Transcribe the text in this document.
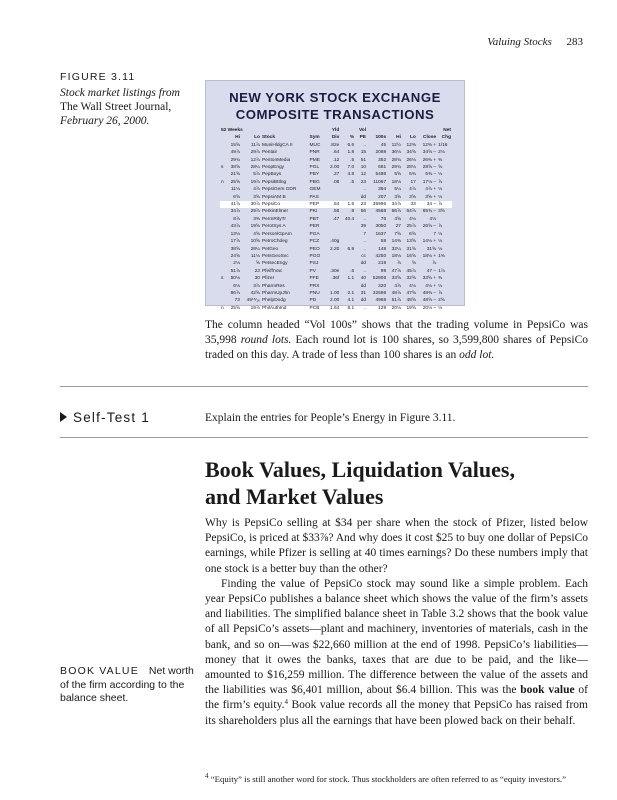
Valuing Stocks 283
FIGURE 3.11
Stock market listings from
The Wall Street Journal,
February 26, 2000.
NEW YORK STOCK EXCHANGE
COMPOSITE TRANSACTIONS
52 Weeks					Yld		Vol				Net	
	Hi	Lo	Stock	Sym	Div	%	PE	100s	Hi	Lo	Close	Chg
	15⅝	11⅞	MuniHldgCA II	MUC	.82e	6.6	..	45	12½	12⅜	12⅜ +	1/16
	49⅞	29⅞	Pentair	PNR	.64	1.8	15	2088	36⅛	34⅝	34⅝ –	2⅛
	29¾	12⅞	PentonMedia	PME	.12	.5	51	352	28¾	26⅛	26⅜ +	⅜
s	38⅝	28¼	PeopEngy	PGL	2.00	7.0	10	681	29¾	28⅛	28⅝ –	⅝
	21⅝	5⅞	PepBoys	PBY	.27	4.8	12	5488	5⅝	5⅜	5⅜ –	⅛
n	25⅝	19⅞	PepsiBttlng	PBG	.08	.5	23	11067	18⅛	17	17⅛ –	⅞
	11⅛	4⅞	PepsiGem GDR	GEM			..	394	5¼	4⅞	4⅞ +	⅛
	6⅝	3⅝	PepsiAM B	PAS			dd	207	3⅝	3⅝	3⅝ +	⅛
	41⅞	30⅞	PepsiCo	PEP	.54	1.6	23	35996	34⅞	33	34 –	⅞
	34⅞	29⅞	PerkinElmer	PKI	.56	.9	56	4568	66⅞	64⅞	65¾ –	3⅝
	8⅞	3⅜	PermRityTr	PBT	.47	40.4	..	76	4⅝	4⅛	4⅛	
	43⅞	19⅝	PerotSys A	PER			39	3050	27	25⅞	26⅝ –	⅞
	13⅛	4⅝	PersonlGpAm	PGA			7	1637	7⅝	6⅝	7	⅛
	17⅞	10⅝	PetroChdeg	PCZ	.40g		..	58	14⅜	13⅝	14⅛ +	⅛
	38⅝	28¼	PetGeo	PEO	2.20	6.9	..	148	32¼	31⅝	31⅝	⅛
	24⅝	11⅛	PetsGeoSvc	PGO			cc	4250	18⅛	16⅝	18⅛ +	1⅜
	2⅛	⅝	PetsecEngy	PSJ			dd	219	⅞	⅝	⅞	
	51⅞	23	PfeiffrVac	PV	.30e	.6	..	99	47⅞	45⅞	47 –	1⅞
s	50⅛	30	Pfizer	PFE	.36f	1.1	40	52808	33⅝	32⅝	33⅝ +	⅜
	6⅛	3⅞	PharmRes	PRX			dd	320	4⅞	4⅛	4⅛ +	⅛
	86⅞	42⅝	PharmUpJhn	PNU	1.00	2.1	31	32598	48⅞	47⅝	48⅜ –	⅞
	73	45¹⁵⁄₁₆	PhelpDodg	PD	2.00	4.1	dd	4968	51⅞	48⅝	48⅝ –	2⅝
n	25⅝	19⅞	PhilAuthInd	PCB	1.64	8.1	..	129	20⅛	19⅝	20⅛ –	⅛
The column headed “Vol 100s” shows that the trading volume in PepsiCo was 35,998 round lots. Each round lot is 100 shares, so 3,599,800 shares of PepsiCo traded on this day. A trade of less than 100 shares is an odd lot.
Self-Test 1	Explain the entries for People’s Energy in Figure 3.11.
Book Values, Liquidation Values,
and Market Values
Why is PepsiCo selling at $34 per share when the stock of Pfizer, listed below PepsiCo, is priced at $33⅞? And why does it cost $25 to buy one dollar of PepsiCo earnings, while Pfizer is selling at 40 times earnings? Do these numbers imply that one stock is a better buy than the other?
Finding the value of PepsiCo stock may sound like a simple problem. Each year PepsiCo publishes a balance sheet which shows the value of the firm’s assets and liabilities. The simplified balance sheet in Table 3.2 shows that the book value of all PepsiCo’s assets—plant and machinery, inventories of materials, cash in the bank, and so on—was $22,660 million at the end of 1998. PepsiCo’s liabilities—money that it owes the banks, taxes that are due to be paid, and the like—amounted to $16,259 million. The difference between the value of the assets and the liabilities was $6,401 million, about $6.4 billion. This was the book value of the firm’s equity.$^4$ Book value records all the money that PepsiCo has raised from its shareholders plus all the earnings that have been plowed back on their behalf.
BOOK VALUE Net worth of the firm according to the balance sheet.
$^4$ “Equity” is still another word for stock. Thus stockholders are often referred to as “equity investors.”
